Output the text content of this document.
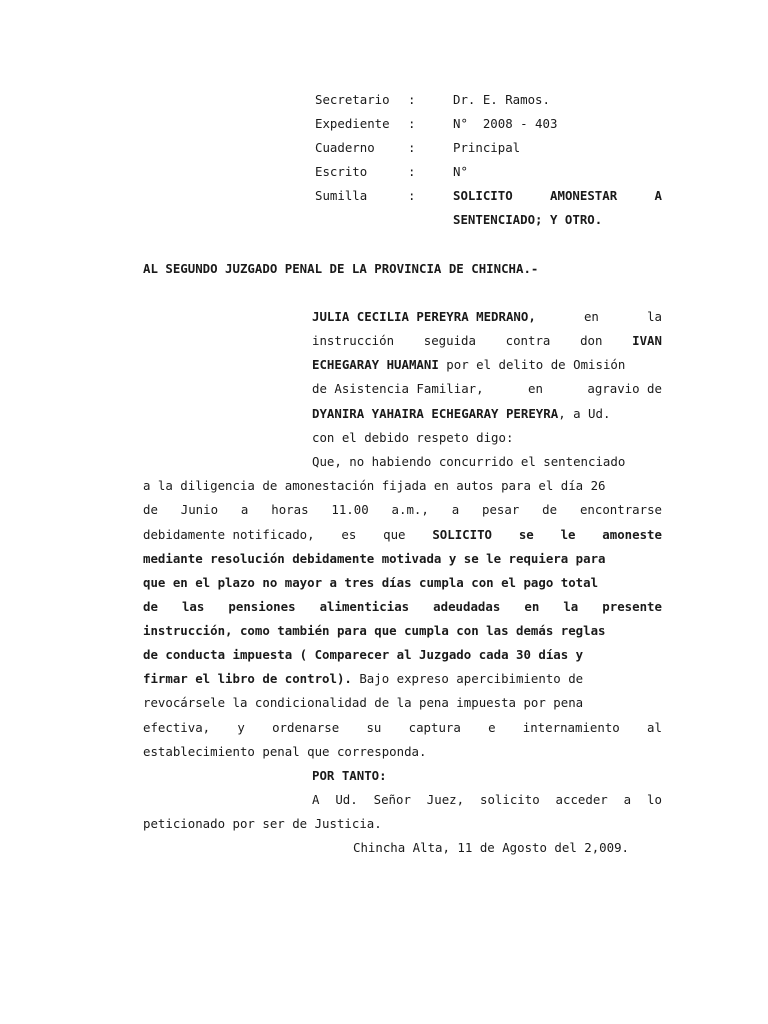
Secretario :	Dr. E. Ramos.
Expediente :	N°  2008 - 403
Cuaderno	:	Principal
Escrito	:	N°
Sumilla	:	SOLICITO	AMONESTAR	A
SENTENCIADO; Y OTRO.
AL SEGUNDO JUZGADO PENAL DE LA PROVINCIA DE CHINCHA.-
JULIA CECILIA PEREYRA MEDRANO,	en	la
instrucción seguida contra don IVAN
ECHEGARAY HUAMANI por el delito de Omisión
de Asistencia Familiar,	en	agravio de
DYANIRA YAHAIRA ECHEGARAY PEREYRA, a Ud.
con el debido respeto digo:
Que, no habiendo concurrido el sentenciado
a la diligencia de amonestación fijada en autos para el día 26
de Junio a horas 11.00 a.m., a pesar de encontrarse
debidamente notificado, es que SOLICITO se le amoneste
mediante resolución debidamente motivada y se le requiera para
que en el plazo no mayor a tres días cumpla con el pago total
de las pensiones alimenticias adeudadas en la presente
instrucción, como también para que cumpla con las demás reglas
de conducta impuesta ( Comparecer al Juzgado cada 30 días y
firmar el libro de control). Bajo expreso apercibimiento de
revocársele la condicionalidad de la pena impuesta por pena
efectiva, y ordenarse su captura e internamiento al
establecimiento penal que corresponda.
POR TANTO:
A Ud. Señor Juez, solicito acceder a lo
peticionado por ser de Justicia.
Chincha Alta, 11 de Agosto del 2,009.
